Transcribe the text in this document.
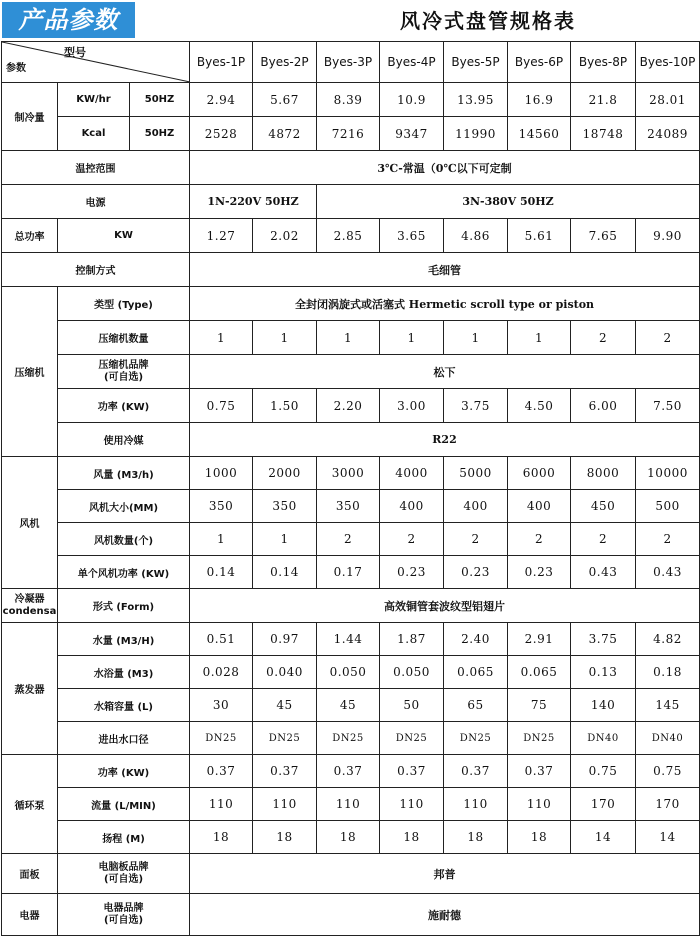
产品参数	风冷式盘管规格表
型号
参数			Byes-1P	Byes-2P	Byes-3P	Byes-4P	Byes-5P	Byes-6P	Byes-8P	Byes-10P
制冷量	KW/hr	50HZ	2.94	5.67	8.39	10.9	13.95	16.9	21.8	28.01
	Kcal	50HZ	2528	4872	7216	9347	11990	14560	18748	24089
温控范围			3℃-常温（0℃以下可定制							
电源			1N-220V 50HZ		3N-380V 50HZ					
总功率	KW		1.27	2.02	2.85	3.65	4.86	5.61	7.65	9.90
控制方式			毛细管							
压缩机	类型 (Type)		全封闭涡旋式或活塞式 Hermetic scroll type or piston							
	压缩机数量		1	1	1	1	1	1	2	2

	压缩机品牌
(可自选)		松下							
	功率 (KW)		0.75	1.50	2.20	3.00	3.75	4.50	6.00	7.50
	使用冷媒		R22							
风机	风量 (M3/h)		1000	2000	3000	4000	5000	6000	8000	10000
	风机大小(MM)		350	350	350	400	400	400	450	500
	风机数量(个)		1	1	2	2	2	2	2	2
	单个风机功率 (KW)		0.14	0.14	0.17	0.23	0.23	0.23	0.43	0.43

冷凝器
condensa	形式 (Form)		高效铜管套波纹型铝翅片							
蒸发器	水量 (M3/H)		0.51	0.97	1.44	1.87	2.40	2.91	3.75	4.82
	水浴量 (M3)		0.028	0.040	0.050	0.050	0.065	0.065	0.13	0.18
	水箱容量 (L)		30	45	45	50	65	75	140	145
	进出水口径		DN25	DN25	DN25	DN25	DN25	DN25	DN40	DN40
循环泵	功率 (KW)		0.37	0.37	0.37	0.37	0.37	0.37	0.75	0.75
	流量 (L/MIN)		110	110	110	110	110	110	170	170
	扬程 (M)		18	18	18	18	18	18	14	14
面板	电脑板品牌
(可自选)		邦普							
电器	电器品牌
(可自选)		施耐德							
